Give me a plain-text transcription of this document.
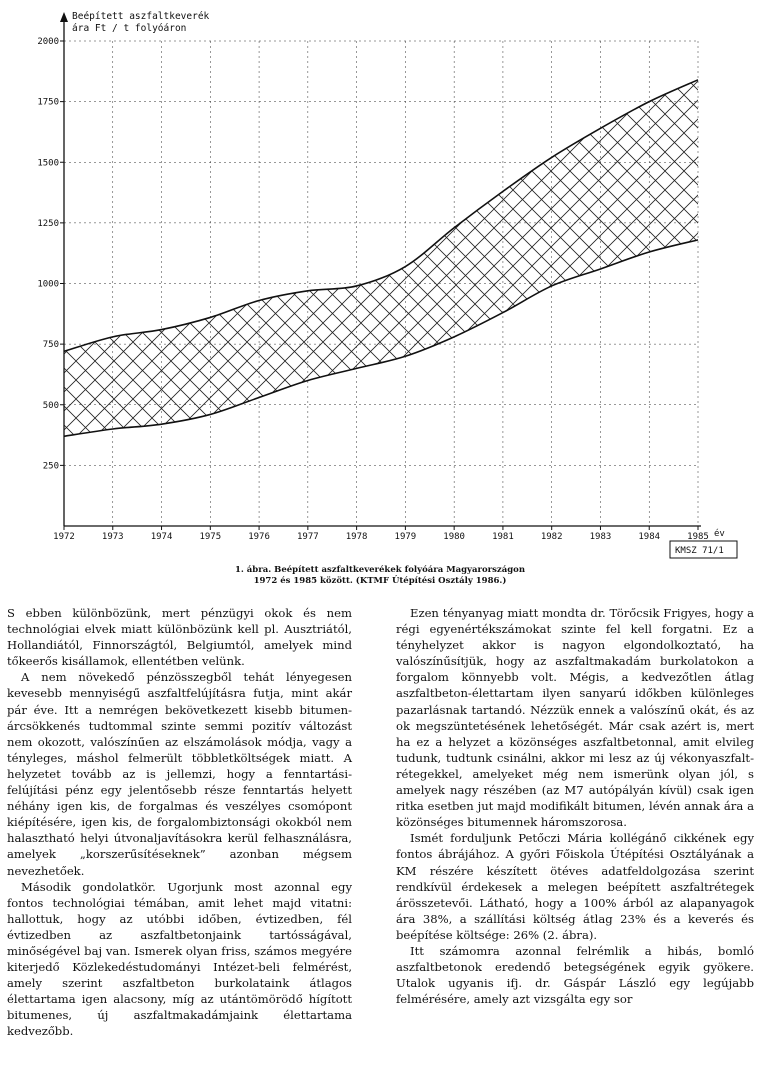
250
500
750
1000
1250
1500
1750
2000
1972	1973	1974	1975	1976	1977	1978	1979	1980	1981	1982	1983	1984	1985
Beépített aszfaltkeverék
ára Ft / t folyóáron
év
KMSZ 71/1
1. ábra. Beépített aszfaltkeverékek folyóára Magyarországon
1972 és 1985 között. (KTMF Útépítési Osztály 1986.)

S ebben különbözünk, mert pénzügyi okok és nem technológiai elvek miatt különbözünk kell pl. Ausztriától, Hollandiától, Finnországtól, Belgiumtól, amelyek mind tőkeerős kisállamok, ellentétben velünk.

A nem növekedő pénzösszegből tehát lényegesen kevesebb mennyiségű aszfaltfelújításra futja, mint akár pár éve. Itt a nemrégen bekövetkezett kisebb bitumen-árcsökkenés tudtommal szinte semmi pozitív változást nem okozott, valószínűen az elszámolások módja, vagy a tényleges, máshol felmerült többletköltségek miatt. A helyzetet tovább az is jellemzi, hogy a fenntartási-felújítási pénz egy jelentősebb része fenntartás helyett néhány igen kis, de forgalmas és veszélyes csomópont kiépítésére, igen kis, de forgalombiztonsági okokból nem halasztható helyi útvonaljavításokra kerül felhasználásra, amelyek „korszerűsítéseknek” azonban mégsem nevezhetőek.

Második gondolatkör. Ugorjunk most azonnal egy fontos technológiai témában, amit lehet majd vitatni: hallottuk, hogy az utóbbi időben, évtizedben, fél évtizedben az aszfaltbetonjaink tartósságával, minőségével baj van. Ismerek olyan friss, számos megyére kiterjedő Közlekedéstudományi Intézet-beli felmérést, amely szerint aszfaltbeton burkolataink átlagos élettartama igen alacsony, míg az utántömörödő hígított bitumenes, új aszfaltmakadámjaink élettartama kedvezőbb.

Ezen tényanyag miatt mondta dr. Törőcsik Frigyes, hogy a régi egyenértékszámokat szinte fel kell forgatni. Ez a tényhelyzet akkor is nagyon elgondolkoztató, ha valószínűsítjük, hogy az aszfaltmakadám burkolatokon a forgalom könnyebb volt. Mégis, a kedvezőtlen átlag aszfaltbeton-élettartam ilyen sanyarú időkben különleges pazarlásnak tartandó. Nézzük ennek a valószínű okát, és az ok megszüntetésének lehetőségét. Már csak azért is, mert ha ez a helyzet a közönséges aszfaltbetonnal, amit elvileg tudunk, tudtunk csinálni, akkor mi lesz az új vékonyaszfalt-rétegekkel, amelyeket még nem ismerünk olyan jól, s amelyek nagy részében (az M7 autópályán kívül) csak igen ritka esetben jut majd modifikált bitumen, lévén annak ára a közönséges bitumennek háromszorosa.

Ismét forduljunk Petőczi Mária kollégánő cikkének egy fontos ábrájához. A győri Főiskola Útépítési Osztályának a KM részére készített ötéves adatfeldolgozása szerint rendkívül érdekesek a melegen beépített aszfaltrétegek árösszetevői. Látható, hogy a 100% árból az alapanyagok ára 38%, a szállítási költség átlag 23% és a keverés és beépítése költsége: 26% (2. ábra).

Itt számomra azonnal felrémlik a hibás, bomló aszfaltbetonok eredendő betegségének egyik gyökere. Utalok ugyanis ifj. dr. Gáspár László egy legújabb felmérésére, amely azt vizsgálta egy sor
